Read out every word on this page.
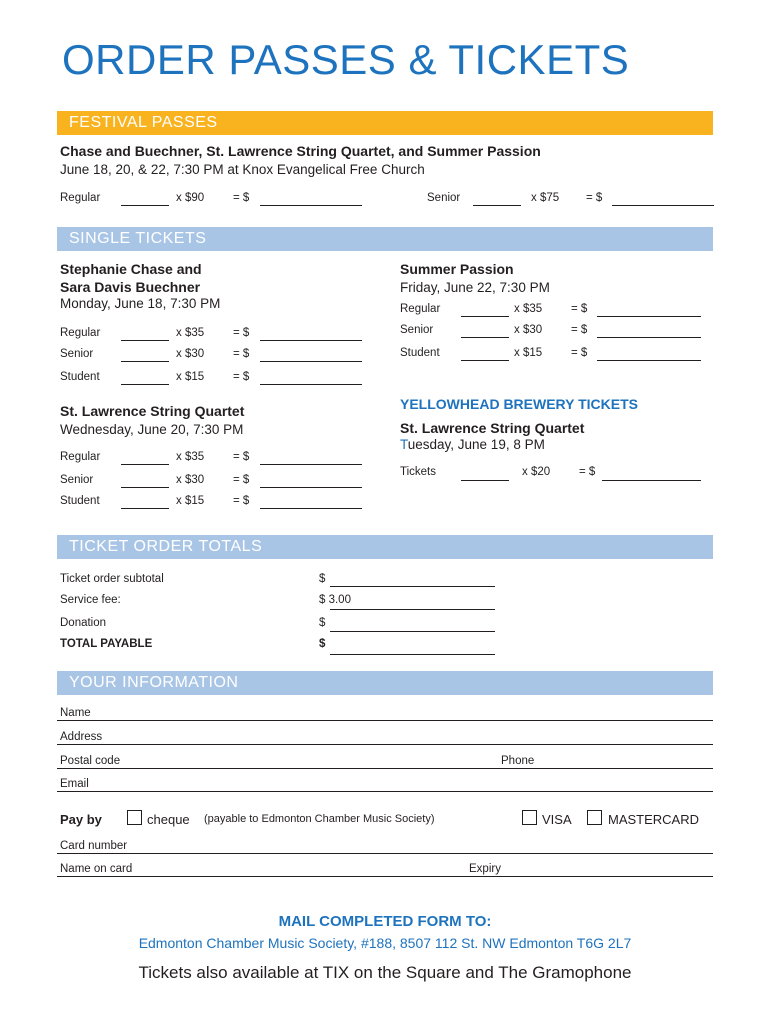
ORDER PASSES & TICKETS
FESTIVAL PASSES
Chase and Buechner, St. Lawrence String Quartet, and Summer Passion
June 18, 20, & 22, 7:30 PM at Knox Evangelical Free Church
Regular	x $90	= $	Senior	x $75 = $
SINGLE TICKETS
Stephanie Chase and
Sara Davis Buechner
Monday, June 18, 7:30 PM
Regular	x $35	= $
Senior	x $30	= $
Student	x $15	= $
Summer Passion
Friday, June 22, 7:30 PM
Regular	x $35	= $
Senior	x $30	= $
Student	x $15	= $
St. Lawrence String Quartet
Wednesday, June 20, 7:30 PM
Regular	x $35	= $
Senior	x $30	= $
Student	x $15	= $
YELLOWHEAD BREWERY TICKETS
St. Lawrence String Quartet
Tuesday, June 19, 8 PM
Tickets	x $20	= $
TICKET ORDER TOTALS
Ticket order subtotal	$
Service fee:	$ 3.00
Donation	$
TOTAL PAYABLE	$
YOUR INFORMATION
Name
Address
Postal code	Phone
Email
Pay by	cheque (payable to Edmonton Chamber Music Society)	VISA	MASTERCARD
Card number
Name on card	Expiry
MAIL COMPLETED FORM TO:
Edmonton Chamber Music Society, #188, 8507 112 St. NW Edmonton T6G 2L7
Tickets also available at TIX on the Square and The Gramophone
